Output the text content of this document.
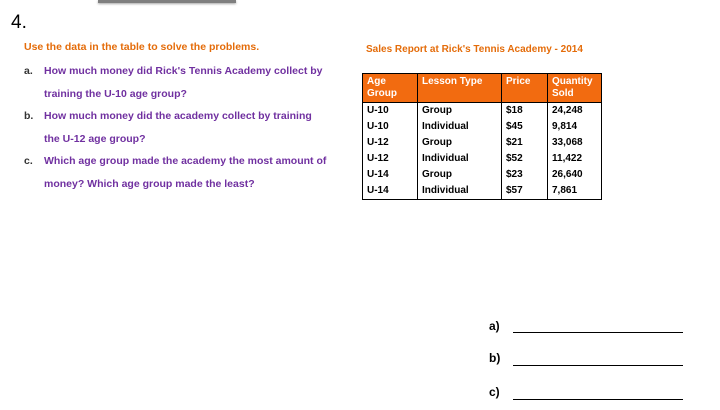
4.
Use the data in the table to solve the problems.
a.	How much money did Rick's Tennis Academy collect by
training the U-10 age group?
b.	How much money did the academy collect by training
the U-12 age group?
c.	Which age group made the academy the most amount of
money? Which age group made the least?
Sales Report at Rick's Tennis Academy - 2014
Age Group	Lesson Type	Price	Quantity Sold
U-10	Group	$18	24,248
U-10	Individual	$45	9,814
U-12	Group	$21	33,068
U-12	Individual	$52	11,422
U-14	Group	$23	26,640
U-14	Individual	$57	7,861
a)
b)
c)
